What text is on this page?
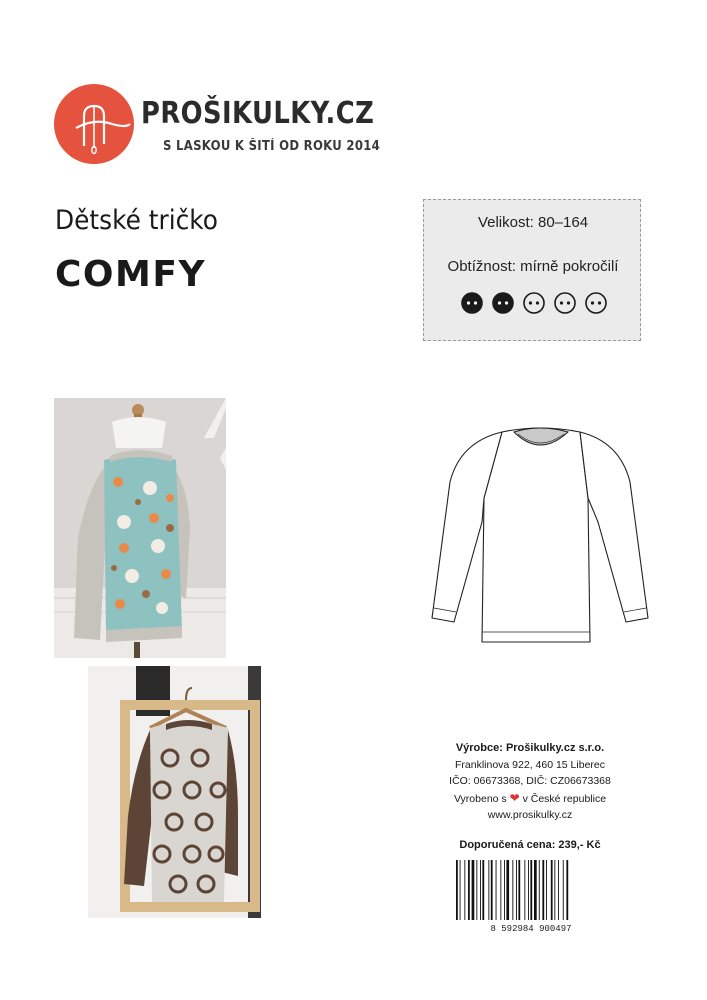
PROŠIKULKY.CZ
S LASKOU K ŠITÍ OD ROKU 2014
Dětské tričko
COMFY
Velikost: 80–164
Obtížnost: mírně pokročilí
Výrobce: Prošikulky.cz s.r.o.
Franklinova 922, 460 15 Liberec
IČO: 06673368, DIČ: CZ06673368
Vyrobeno s ❤ v České republice
www.prosikulky.cz
Doporučená cena: 239,- Kč
8 592984 900497
